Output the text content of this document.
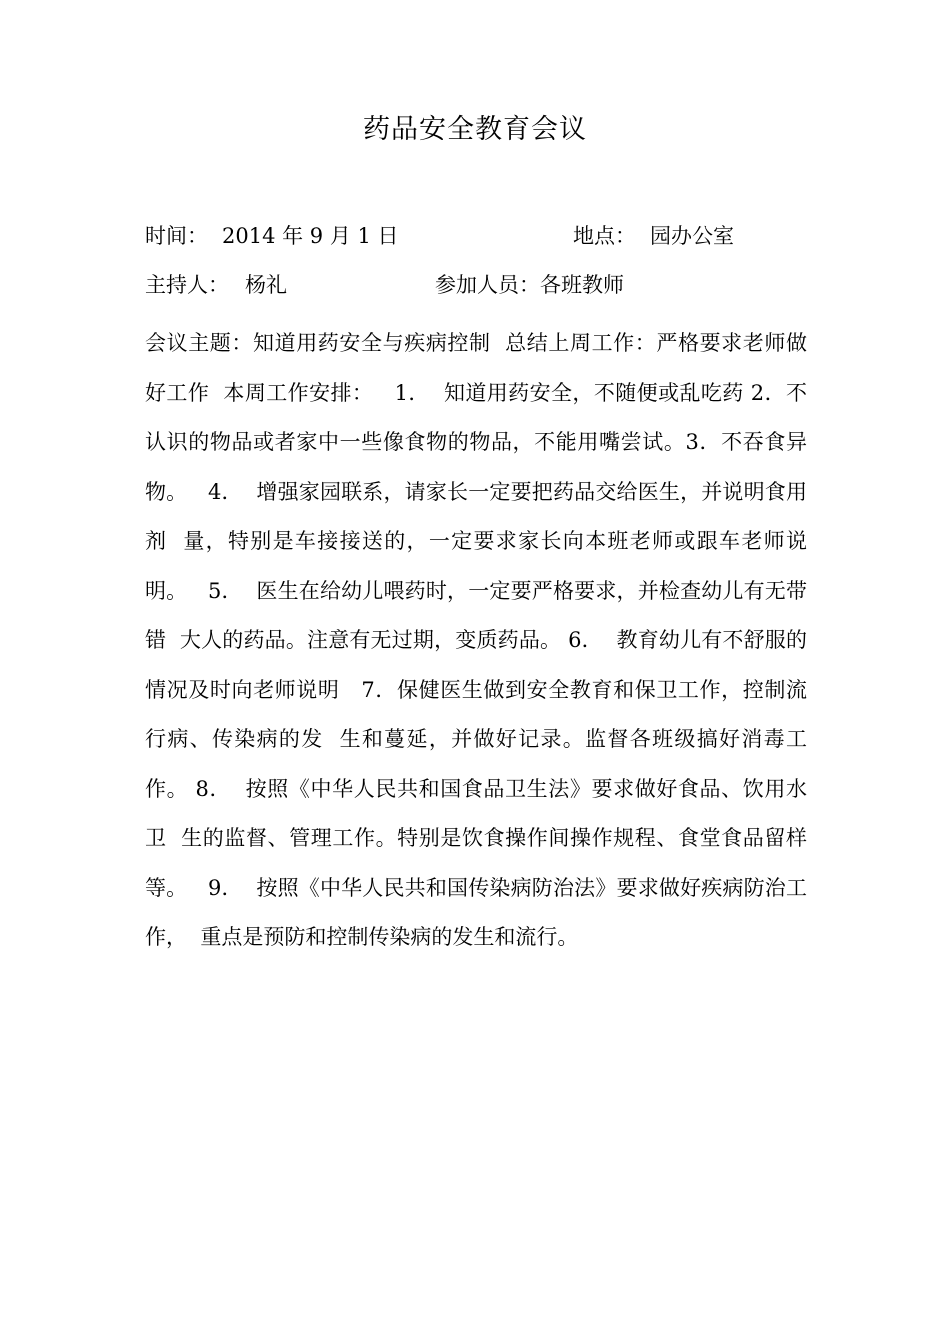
药品安全教育会议
时间： 2014 年 9 月 1 日	地点： 园办公室
主持人： 杨礼	参加人员：各班教师
会议主题：知道用药安全与疾病控制  总结上周工作：严格要求老师做好工作  本周工作安排：   1．  知道用药安全，不随便或乱吃药 2．不认识的物品或者家中一些像食物的物品，不能用嘴尝试。3．不吞食异物。   4．  增强家园联系，请家长一定要把药品交给医生，并说明食用剂  量，特别是车接接送的，一定要求家长向本班老师或跟车老师说明。   5．  医生在给幼儿喂药时，一定要严格要求，并检查幼儿有无带错  大人的药品。注意有无过期，变质药品。 6．  教育幼儿有不舒服的情况及时向老师说明   7．保健医生做到安全教育和保卫工作，控制流行病、传染病的发  生和蔓延，并做好记录。监督各班级搞好消毒工作。 8．  按照《中华人民共和国食品卫生法》要求做好食品、饮用水卫  生的监督、管理工作。特别是饮食操作间操作规程、食堂食品留样等。   9．  按照《中华人民共和国传染病防治法》要求做好疾病防治工作，  重点是预防和控制传染病的发生和流行。
